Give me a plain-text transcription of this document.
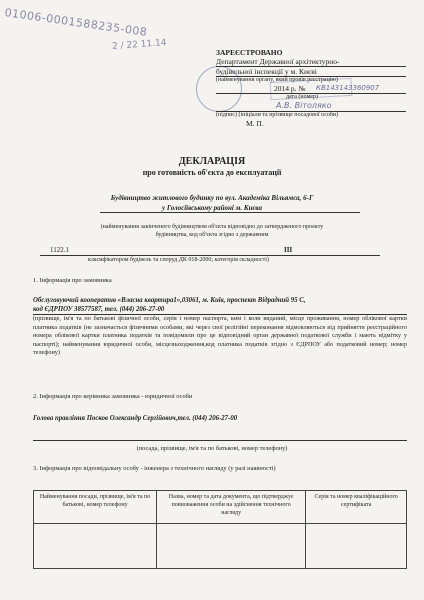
01006-0001588235-008
2 / 22 11.14
ЗАРЕЄСТРОВАНО
Департамент Державної архітектурно-
будівельної інспекції у м. Києві
(найменування органу, який провів реєстрацію)
2014 р. № КВ143143360907
дата (номер)
А.В. Вітоляко
(підпис) (ініціали та прізвище посадової особи)
М. П.
ДЕКЛАРАЦІЯ
про готовність об'єкта до експлуатації
Будівництво житлового будинку по вул. Академіка Вільямса, 6-Г
у Голосіївському районі м. Києва
(найменування закінченого будівництвом об'єкта відповідно до затвердженого проекту
будівництва, код об'єкта згідно з державним
1122.1	III
класифікатором будівель та споруд ДК 018-2000; категорія складності)
1. Інформація про замовника
Обслуговуючий кооператив «Власна квартира1»,03061, м. Київ, проспект Відрадний 95 С,
код ЄДРПОУ 38577587, тел. (044) 206-27-00
(прізвище, ім'я та по батькові фізичної особи, серія і номер паспорта, ким і коли виданий, місце проживання, номер облікової картки платника податків (не зазначається фізичними особами, які через свої релігійні переконання відмовляються від прийняття реєстраційного номера облікової картки платника податків та повідомили про це відповідний орган державної податкової служби і мають відмітку у паспорті); найменування юридичної особи, місцезнаходження,код платника податків згідно з ЄДРПОУ або податковий номер; номер телефону)
2. Інформація про керівника замовника - юридичної особи
Голова правління Посков Олександр Сергійович,тел. (044) 206-27-00
(посада, прізвище, ім'я та по батькові, номер телефону)
3. Інформація про відповідальну особу - інженера з технічного нагляду (у разі наявності)
Найменування посади, прізвище, ім'я та по батькові, номер телефону	Назва, номер та дата документа, що підтверджує повноваження особи на здійснення технічного нагляду	Серія та номер кваліфікаційного сертифіката
